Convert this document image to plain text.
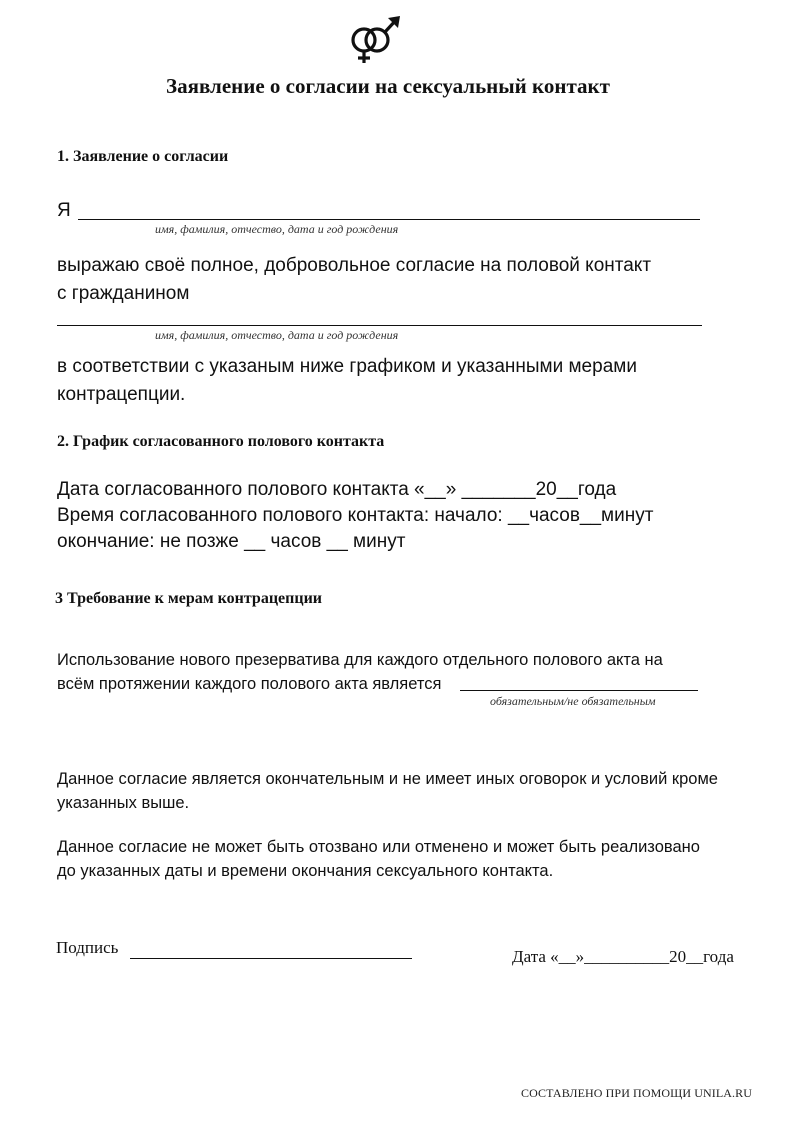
Заявление о согласии на сексуальный контакт
1. Заявление о согласии
Я
имя, фамилия, отчество, дата и год рождения
выражаю своё полное, добровольное согласие на половой контакт
с гражданином
имя, фамилия, отчество, дата и год рождения
в соответствии с указаным ниже графиком и указанными мерами
контрацепции.
2. График согласованного полового контакта
Дата согласованного полового контакта «__» _______20__года
Время согласованного полового контакта: начало: __часов__минут
окончание: не позже __ часов __ минут
3 Требование к мерам контрацепции
Использование нового презерватива для каждого отдельного полового акта на
всём протяжении каждого полового акта является
обязательным/не обязательным
Данное согласие является окончательным и не имеет иных оговорок и условий кроме
указанных выше.
Данное согласие не может быть отозвано или отменено и может быть реализовано
до указанных даты и времени окончания сексуального контакта.
Подпись	Дата «__»__________20__года
СОСТАВЛЕНО ПРИ ПОМОЩИ UNILA.RU
